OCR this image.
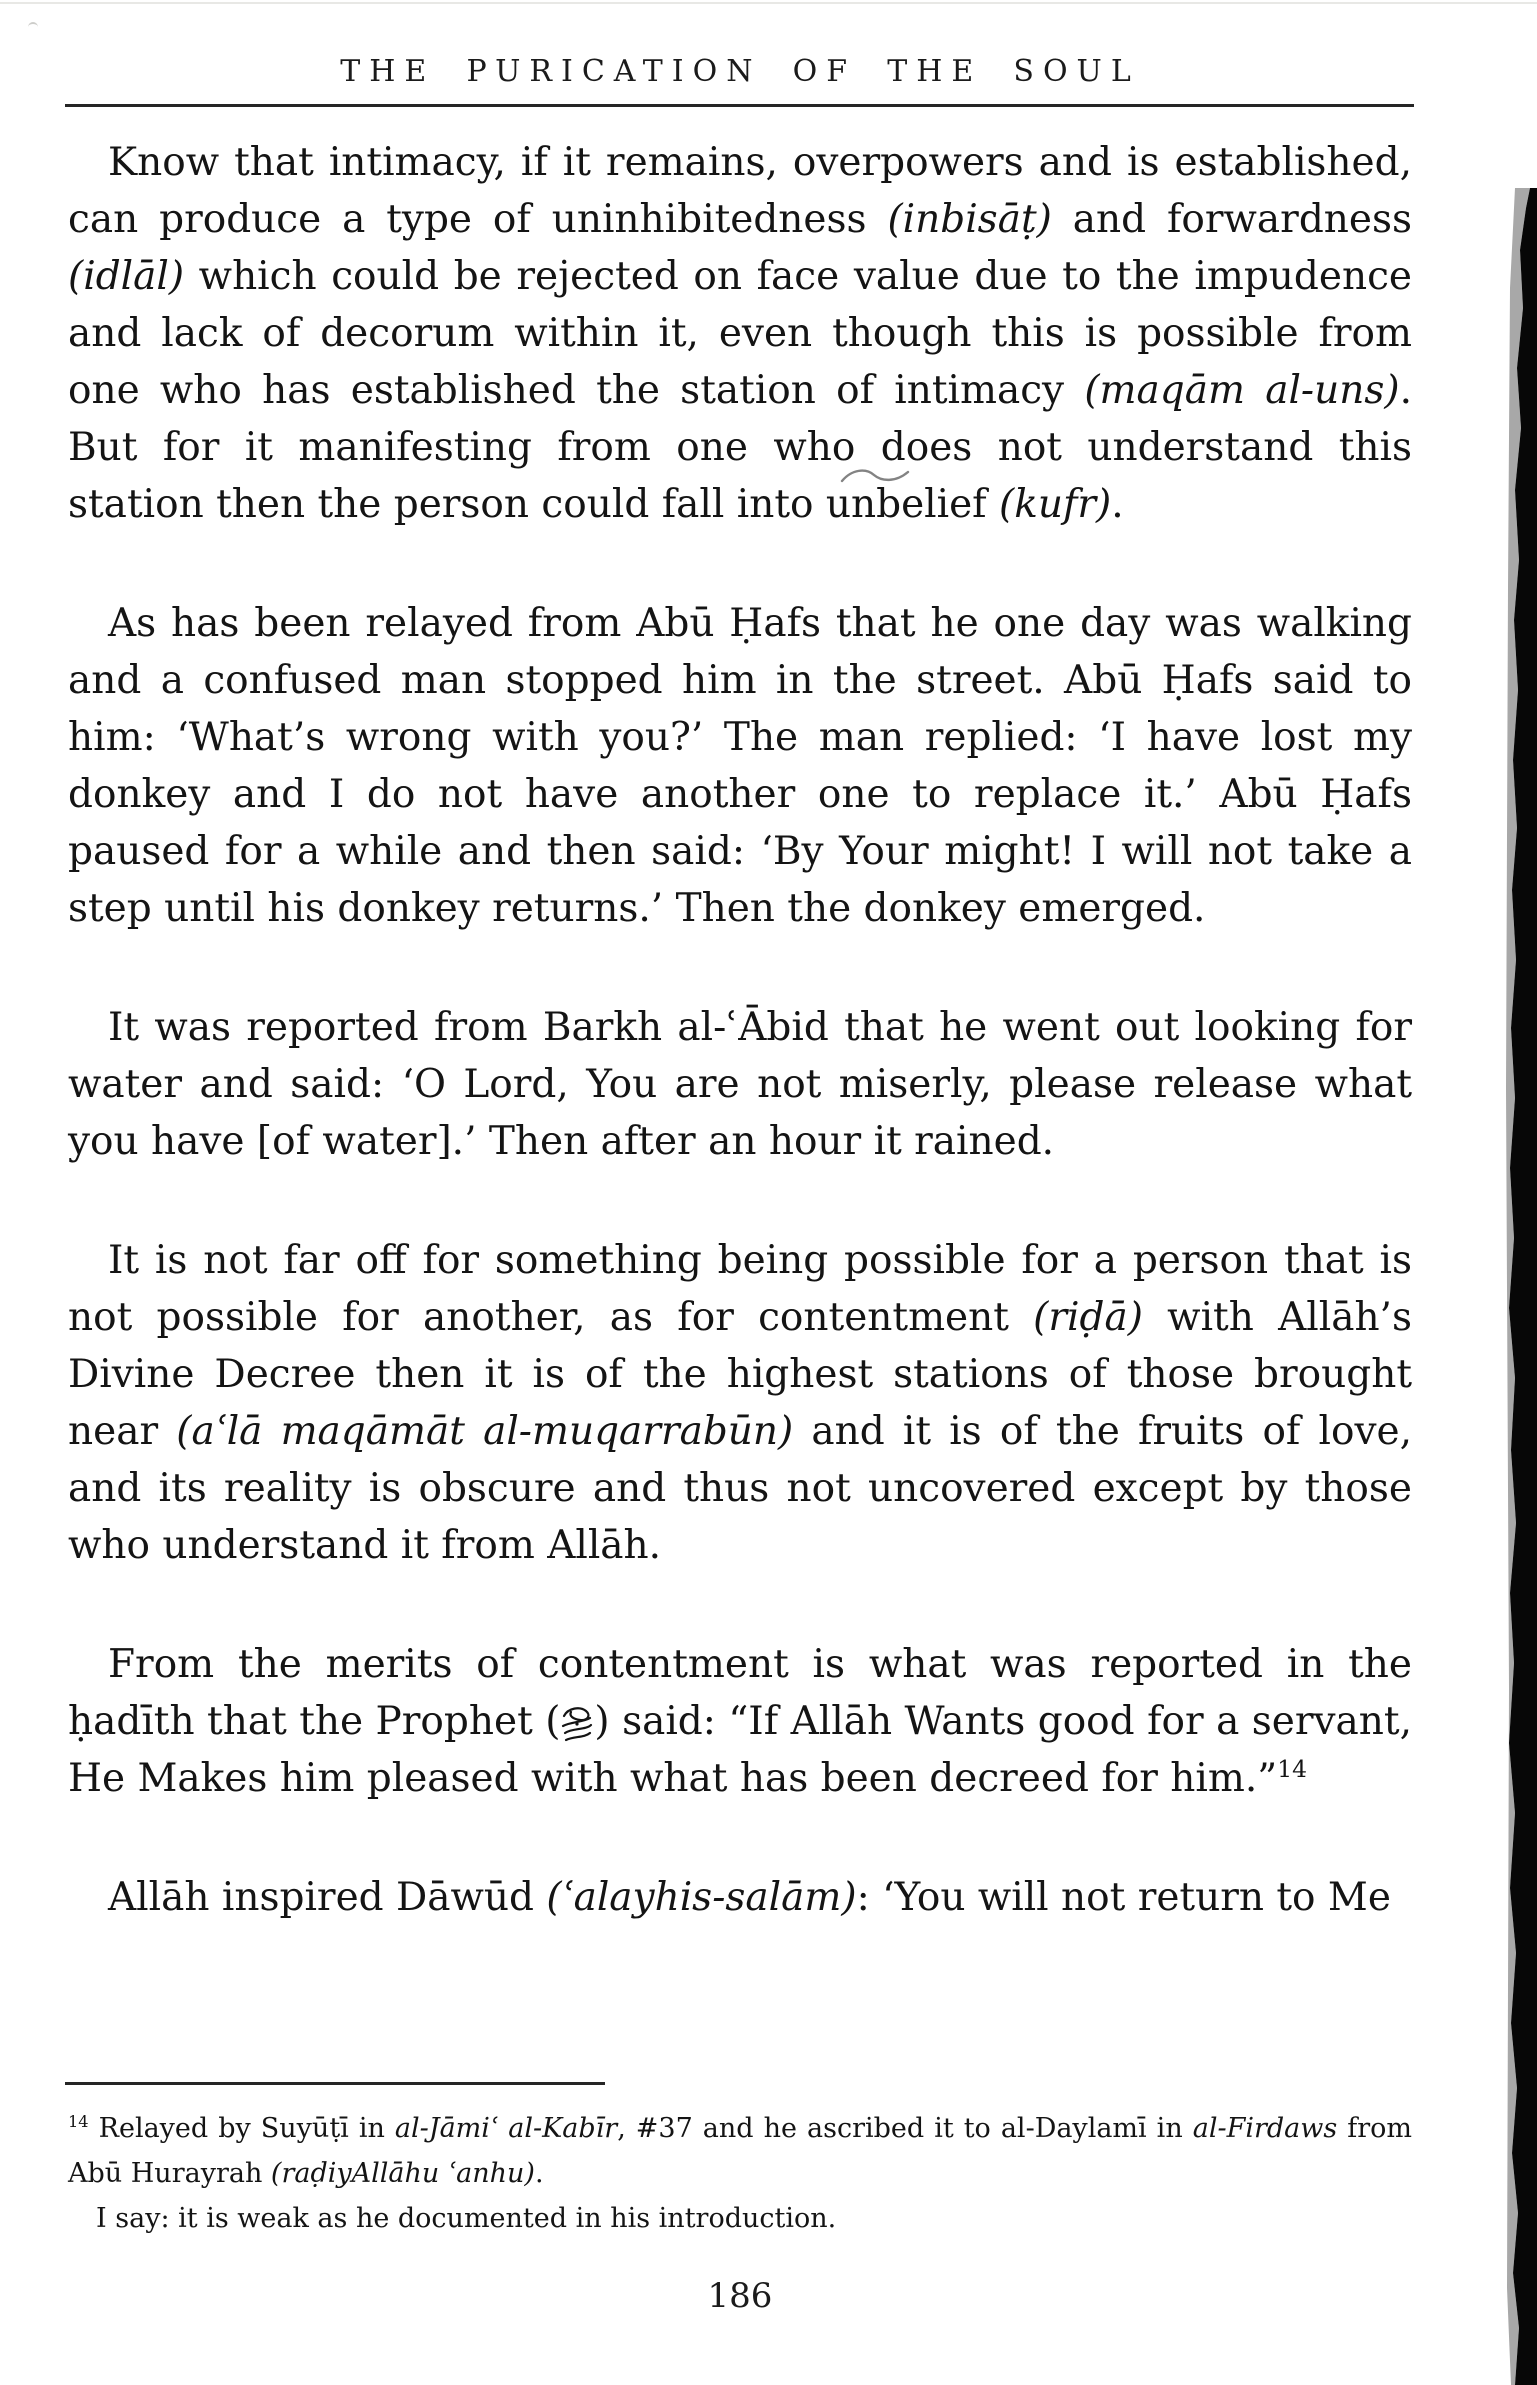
THE PURICATION OF THE SOUL

Know that intimacy, if it remains, overpowers and is established, can produce a type of uninhibitedness (inbisāṭ) and forwardness (idlāl) which could be rejected on face value due to the impudence and lack of decorum within it, even though this is possible from one who has established the station of intimacy (maqām al-uns). But for it manifesting from one who does not understand this station then the person could fall into unbelief (kufr).

As has been relayed from Abū Ḥafs that he one day was walking and a confused man stopped him in the street. Abū Ḥafs said to him: ‘What’s wrong with you?’ The man replied: ‘I have lost my donkey and I do not have another one to replace it.’ Abū Ḥafs paused for a while and then said: ‘By Your might! I will not take a step until his donkey returns.’ Then the donkey emerged.

It was reported from Barkh al-ʿĀbid that he went out looking for water and said: ‘O Lord, You are not miserly, please release what you have [of water].’ Then after an hour it rained.

It is not far off for something being possible for a person that is not possible for another, as for contentment (riḍā) with Allāh’s Divine Decree then it is of the highest stations of those brought near (aʿlā maqāmāt al-muqarrabūn) and it is of the fruits of love, and its reality is obscure and thus not uncovered except by those who understand it from Allāh.

From the merits of contentment is what was reported in the ḥadīth that the Prophet ( ) said: “If Allāh Wants good for a servant, He Makes him pleased with what has been decreed for him.”$^{14}$

Allāh inspired Dāwūd (ʿalayhis-salām): ‘You will not return to Me

$^{14}$ Relayed by Suyūṭī in al-Jāmiʿ al-Kabīr, #37 and he ascribed it to al-Daylamī in al-Firdaws from Abū Hurayrah (raḍiyAllāhu ʿanhu).

I say: it is weak as he documented in his introduction.

186
